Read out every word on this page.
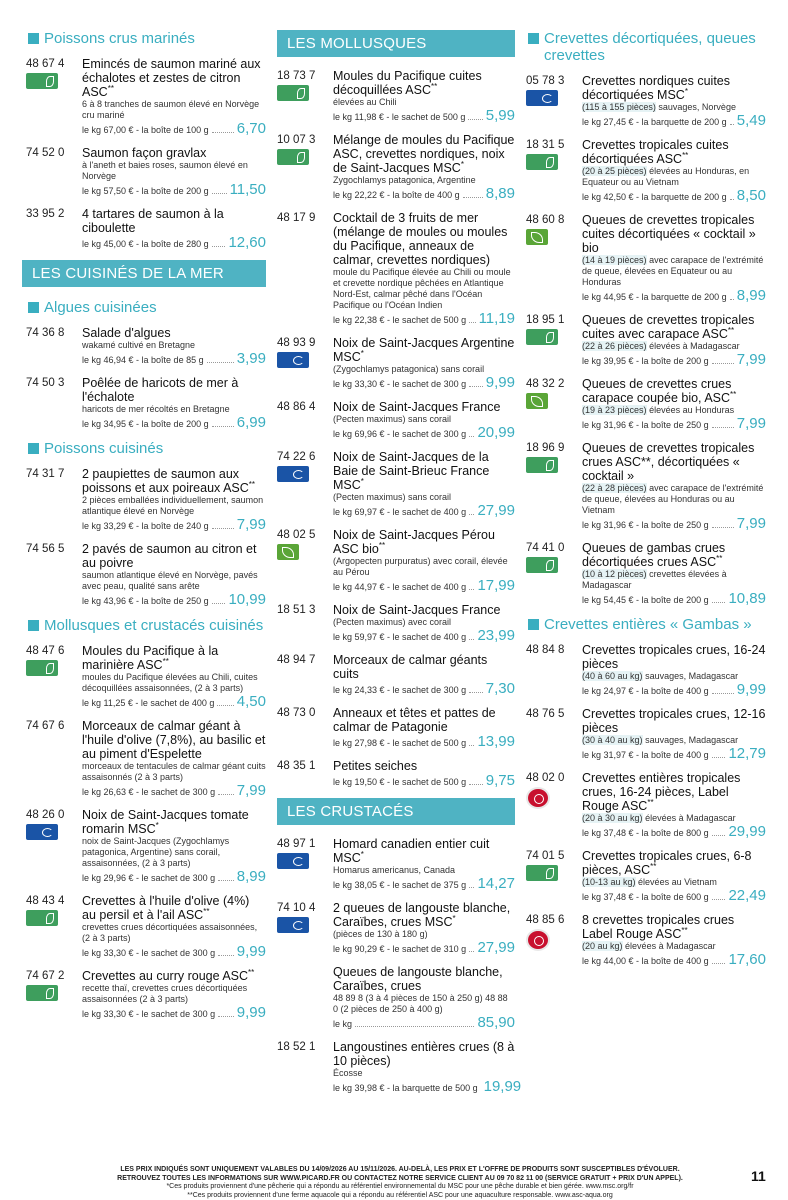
Poissons crus marinés
48 67 4	Emincés de saumon mariné aux échalotes et zestes de citron ASC**
6 à 8 tranches de saumon élevé en Norvège cru mariné
le kg 67,00 € - la boîte de 100 g 6,70
74 52 0	Saumon façon gravlax
à l'aneth et baies roses, saumon élevé en Norvège
le kg 57,50 € - la boîte de 200 g 11,50
33 95 2	4 tartares de saumon à la ciboulette
le kg 45,00 € - la boîte de 280 g 12,60
LES CUISINÉS DE LA MER
Algues cuisinées
74 36 8	Salade d'algues
wakamé cultivé en Bretagne
le kg 46,94 € - la boîte de 85 g 3,99
74 50 3	Poêlée de haricots de mer à l'échalote
haricots de mer récoltés en Bretagne
le kg 34,95 € - la boîte de 200 g 6,99
Poissons cuisinés
74 31 7	2 paupiettes de saumon aux poissons et aux poireaux ASC**
2 pièces emballées individuellement, saumon atlantique élevé en Norvège
le kg 33,29 € - la boîte de 240 g 7,99
74 56 5	2 pavés de saumon au citron et au poivre
saumon atlantique élevé en Norvège, pavés avec peau, qualité sans arête
le kg 43,96 € - la boîte de 250 g 10,99
Mollusques et crustacés cuisinés
48 47 6	Moules du Pacifique à la marinière ASC**
moules du Pacifique élevées au Chili, cuites décoquillées assaisonnées, (2 à 3 parts)
le kg 11,25 € - le sachet de 400 g 4,50
74 67 6	Morceaux de calmar géant à l'huile d'olive (7,8%), au basilic et au piment d'Espelette
morceaux de tentacules de calmar géant cuits assaisonnés (2 à 3 parts)
le kg 26,63 € - le sachet de 300 g 7,99
48 26 0	Noix de Saint-Jacques tomate romarin MSC*
noix de Saint-Jacques (Zygochlamys patagonica, Argentine) sans corail, assaisonnées, (2 à 3 parts)
le kg 29,96 € - le sachet de 300 g 8,99
48 43 4	Crevettes à l'huile d'olive (4%) au persil et à l'ail ASC**
crevettes crues décortiquées assaisonnées, (2 à 3 parts)
le kg 33,30 € - le sachet de 300 g 9,99
74 67 2	Crevettes au curry rouge ASC**
recette thaï, crevettes crues décortiquées assaisonnées (2 à 3 parts)
le kg 33,30 € - le sachet de 300 g 9,99
LES MOLLUSQUES
18 73 7	Moules du Pacifique cuites décoquillées ASC**
élevées au Chili
le kg 11,98 € - le sachet de 500 g 5,99
10 07 3	Mélange de moules du Pacifique ASC, crevettes nordiques, noix de Saint-Jacques MSC*
Zygochlamys patagonica, Argentine
le kg 22,22 € - la boîte de 400 g 8,89
48 17 9	Cocktail de 3 fruits de mer (mélange de moules ou moules du Pacifique, anneaux de calmar, crevettes nordiques)
moule du Pacifique élevée au Chili ou moule et crevette nordique pêchées en Atlantique Nord-Est, calmar pêché dans l'Océan Pacifique ou l'Océan Indien
le kg 22,38 € - le sachet de 500 g 11,19
48 93 9	Noix de Saint-Jacques Argentine MSC*
(Zygochlamys patagonica) sans corail
le kg 33,30 € - le sachet de 300 g 9,99
48 86 4	Noix de Saint-Jacques France
(Pecten maximus) sans corail
le kg 69,96 € - le sachet de 300 g 20,99
74 22 6	Noix de Saint-Jacques de la Baie de Saint-Brieuc France MSC*
(Pecten maximus) sans corail
le kg 69,97 € - le sachet de 400 g 27,99
48 02 5	Noix de Saint-Jacques Pérou ASC bio**
(Argopecten purpuratus) avec corail, élevée au Pérou
le kg 44,97 € - le sachet de 400 g 17,99
18 51 3	Noix de Saint-Jacques France
(Pecten maximus) avec corail
le kg 59,97 € - le sachet de 400 g 23,99
48 94 7	Morceaux de calmar géants cuits
le kg 24,33 € - le sachet de 300 g 7,30
48 73 0	Anneaux et têtes et pattes de calmar de Patagonie
le kg 27,98 € - le sachet de 500 g 13,99
48 35 1	Petites seiches
le kg 19,50 € - le sachet de 500 g 9,75
LES CRUSTACÉS
48 97 1	Homard canadien entier cuit MSC*
Homarus americanus, Canada
le kg 38,05 € - le sachet de 375 g 14,27
74 10 4	2 queues de langouste blanche, Caraïbes, crues MSC*
(pièces de 130 à 180 g)
le kg 90,29 € - le sachet de 310 g 27,99
Queues de langouste blanche, Caraïbes, crues
48 89 8 (3 à 4 pièces de 150 à 250 g) 48 88 0 (2 pièces de 250 à 400 g)
le kg	85,90
18 52 1	Langoustines entières crues (8 à 10 pièces)
Écosse
le kg 39,98 € - la barquette de 500 g 19,99
Crevettes décortiquées, queues crevettes
05 78 3	Crevettes nordiques cuites décortiquées MSC*
(115 à 155 pièces) sauvages, Norvège
le kg 27,45 € - la barquette de 200 g 5,49
18 31 5	Crevettes tropicales cuites décortiquées ASC**
(20 à 25 pièces) élevées au Honduras, en Equateur ou au Vietnam
le kg 42,50 € - la barquette de 200 g 8,50
48 60 8	Queues de crevettes tropicales cuites décortiquées « cocktail » bio
(14 à 19 pièces) avec carapace de l'extrémité de queue, élevées en Equateur ou au Honduras
le kg 44,95 € - la barquette de 200 g 8,99
18 95 1	Queues de crevettes tropicales cuites avec carapace ASC**
(22 à 26 pièces) élevées à Madagascar
le kg 39,95 € - la boîte de 200 g 7,99
48 32 2	Queues de crevettes crues carapace coupée bio, ASC**
(19 à 23 pièces) élevées au Honduras
le kg 31,96 € - la boîte de 250 g 7,99
18 96 9	Queues de crevettes tropicales crues ASC**, décortiquées « cocktail »
(22 à 28 pièces) avec carapace de l'extrémité de queue, élevées au Honduras ou au Vietnam
le kg 31,96 € - la boîte de 250 g 7,99
74 41 0	Queues de gambas crues décortiquées crues ASC**
(10 à 12 pièces) crevettes élevées à Madagascar
le kg 54,45 € - la boîte de 200 g 10,89
Crevettes entières « Gambas »
48 84 8	Crevettes tropicales crues, 16-24 pièces
(40 à 60 au kg) sauvages, Madagascar
le kg 24,97 € - la boîte de 400 g 9,99
48 76 5	Crevettes tropicales crues, 12-16 pièces
(30 à 40 au kg) sauvages, Madagascar
le kg 31,97 € - la boîte de 400 g 12,79
48 02 0	Crevettes entières tropicales crues, 16-24 pièces, Label Rouge ASC**
(20 à 30 au kg) élevées à Madagascar
le kg 37,48 € - la boîte de 800 g 29,99
74 01 5	Crevettes tropicales crues, 6-8 pièces, ASC**
(10-13 au kg) élevées au Vietnam
le kg 37,48 € - la boîte de 600 g 22,49
48 85 6	8 crevettes tropicales crues Label Rouge ASC**
(20 au kg) élevées à Madagascar
le kg 44,00 € - la boîte de 400 g 17,60
LES PRIX INDIQUÉS SONT UNIQUEMENT VALABLES DU 14/09/2026 AU 15/11/2026. AU-DELÀ, LES PRIX ET L'OFFRE DE PRODUITS SONT SUSCEPTIBLES D'ÉVOLUER.
RETROUVEZ TOUTES LES INFORMATIONS SUR WWW.PICARD.FR OU CONTACTEZ NOTRE SERVICE CLIENT AU 09 70 82 11 00 (SERVICE GRATUIT + PRIX D'UN APPEL).
*Ces produits proviennent d'une pêcherie qui a répondu au référentiel environnemental du MSC pour une pêche durable et bien gérée. www.msc.org/fr
**Ces produits proviennent d'une ferme aquacole qui a répondu au référentiel ASC pour une aquaculture responsable. www.asc-aqua.org
11
